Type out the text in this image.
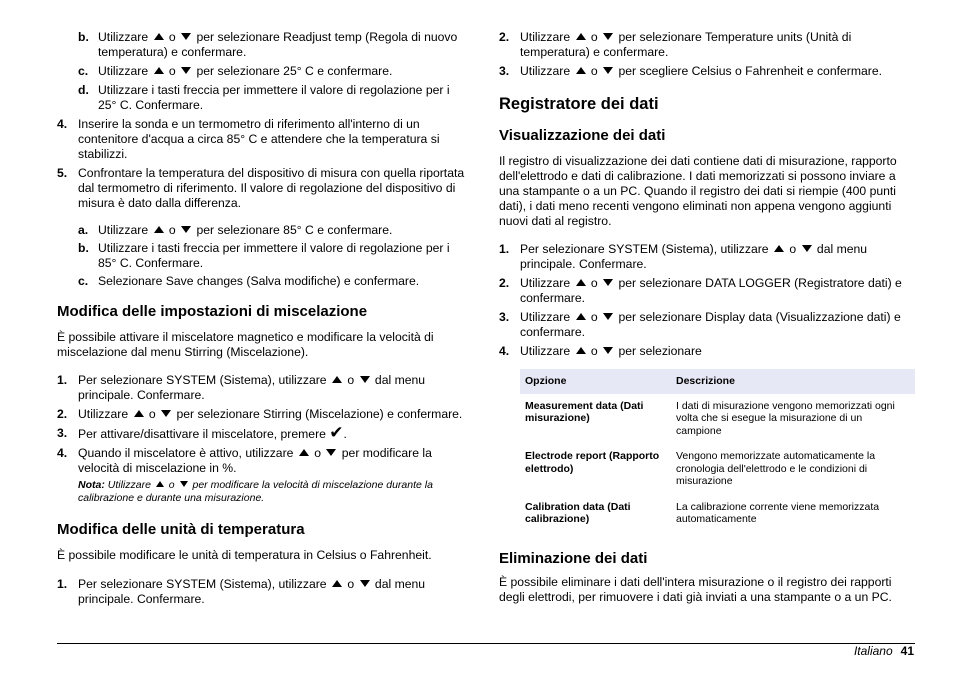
b. Utilizzare o per selezionare Readjust temp (Regola di nuovo temperatura) e confermare.
c. Utilizzare o per selezionare 25° C e confermare.
d. Utilizzare i tasti freccia per immettere il valore di regolazione per i 25° C. Confermare.
4. Inserire la sonda e un termometro di riferimento all'interno di un contenitore d'acqua a circa 85° C e attendere che la temperatura si stabilizzi.
5. Confrontare la temperatura del dispositivo di misura con quella riportata dal termometro di riferimento. Il valore di regolazione del dispositivo di misura è dato dalla differenza.
a. Utilizzare o per selezionare 85° C e confermare.
b. Utilizzare i tasti freccia per immettere il valore di regolazione per i 85° C. Confermare.
c. Selezionare Save changes (Salva modifiche) e confermare.
Modifica delle impostazioni di miscelazione
È possibile attivare il miscelatore magnetico e modificare la velocità di miscelazione dal menu Stirring (Miscelazione).
1. Per selezionare SYSTEM (Sistema), utilizzare o dal menu principale. Confermare.
2. Utilizzare o per selezionare Stirring (Miscelazione) e confermare.
3. Per attivare/disattivare il miscelatore, premere ✔.
4. Quando il miscelatore è attivo, utilizzare o per modificare la velocità di miscelazione in %.
Nota: Utilizzare o per modificare la velocità di miscelazione durante la calibrazione e durante una misurazione.
Modifica delle unità di temperatura
È possibile modificare le unità di temperatura in Celsius o Fahrenheit.
1. Per selezionare SYSTEM (Sistema), utilizzare o dal menu principale. Confermare.
2. Utilizzare o per selezionare Temperature units (Unità di temperatura) e confermare.
3. Utilizzare o per scegliere Celsius o Fahrenheit e confermare.
Registratore dei dati
Visualizzazione dei dati
Il registro di visualizzazione dei dati contiene dati di misurazione, rapporto dell'elettrodo e dati di calibrazione. I dati memorizzati si possono inviare a una stampante o a un PC. Quando il registro dei dati si riempie (400 punti dati), i dati meno recenti vengono eliminati non appena vengono aggiunti nuovi dati al registro.
1. Per selezionare SYSTEM (Sistema), utilizzare o dal menu principale. Confermare.
2. Utilizzare o per selezionare DATA LOGGER (Registratore dati) e confermare.
3. Utilizzare o per selezionare Display data (Visualizzazione dati) e confermare.
4. Utilizzare o per selezionare
Opzione	Descrizione
Measurement data (Dati misurazione)	I dati di misurazione vengono memorizzati ogni volta che si esegue la misurazione di un campione
Electrode report (Rapporto elettrodo)	Vengono memorizzate automaticamente la cronologia dell'elettrodo e le condizioni di misurazione
Calibration data (Dati calibrazione)	La calibrazione corrente viene memorizzata automaticamente
Eliminazione dei dati
È possibile eliminare i dati dell'intera misurazione o il registro dei rapporti degli elettrodi, per rimuovere i dati già inviati a una stampante o a un PC.
Italiano 41
